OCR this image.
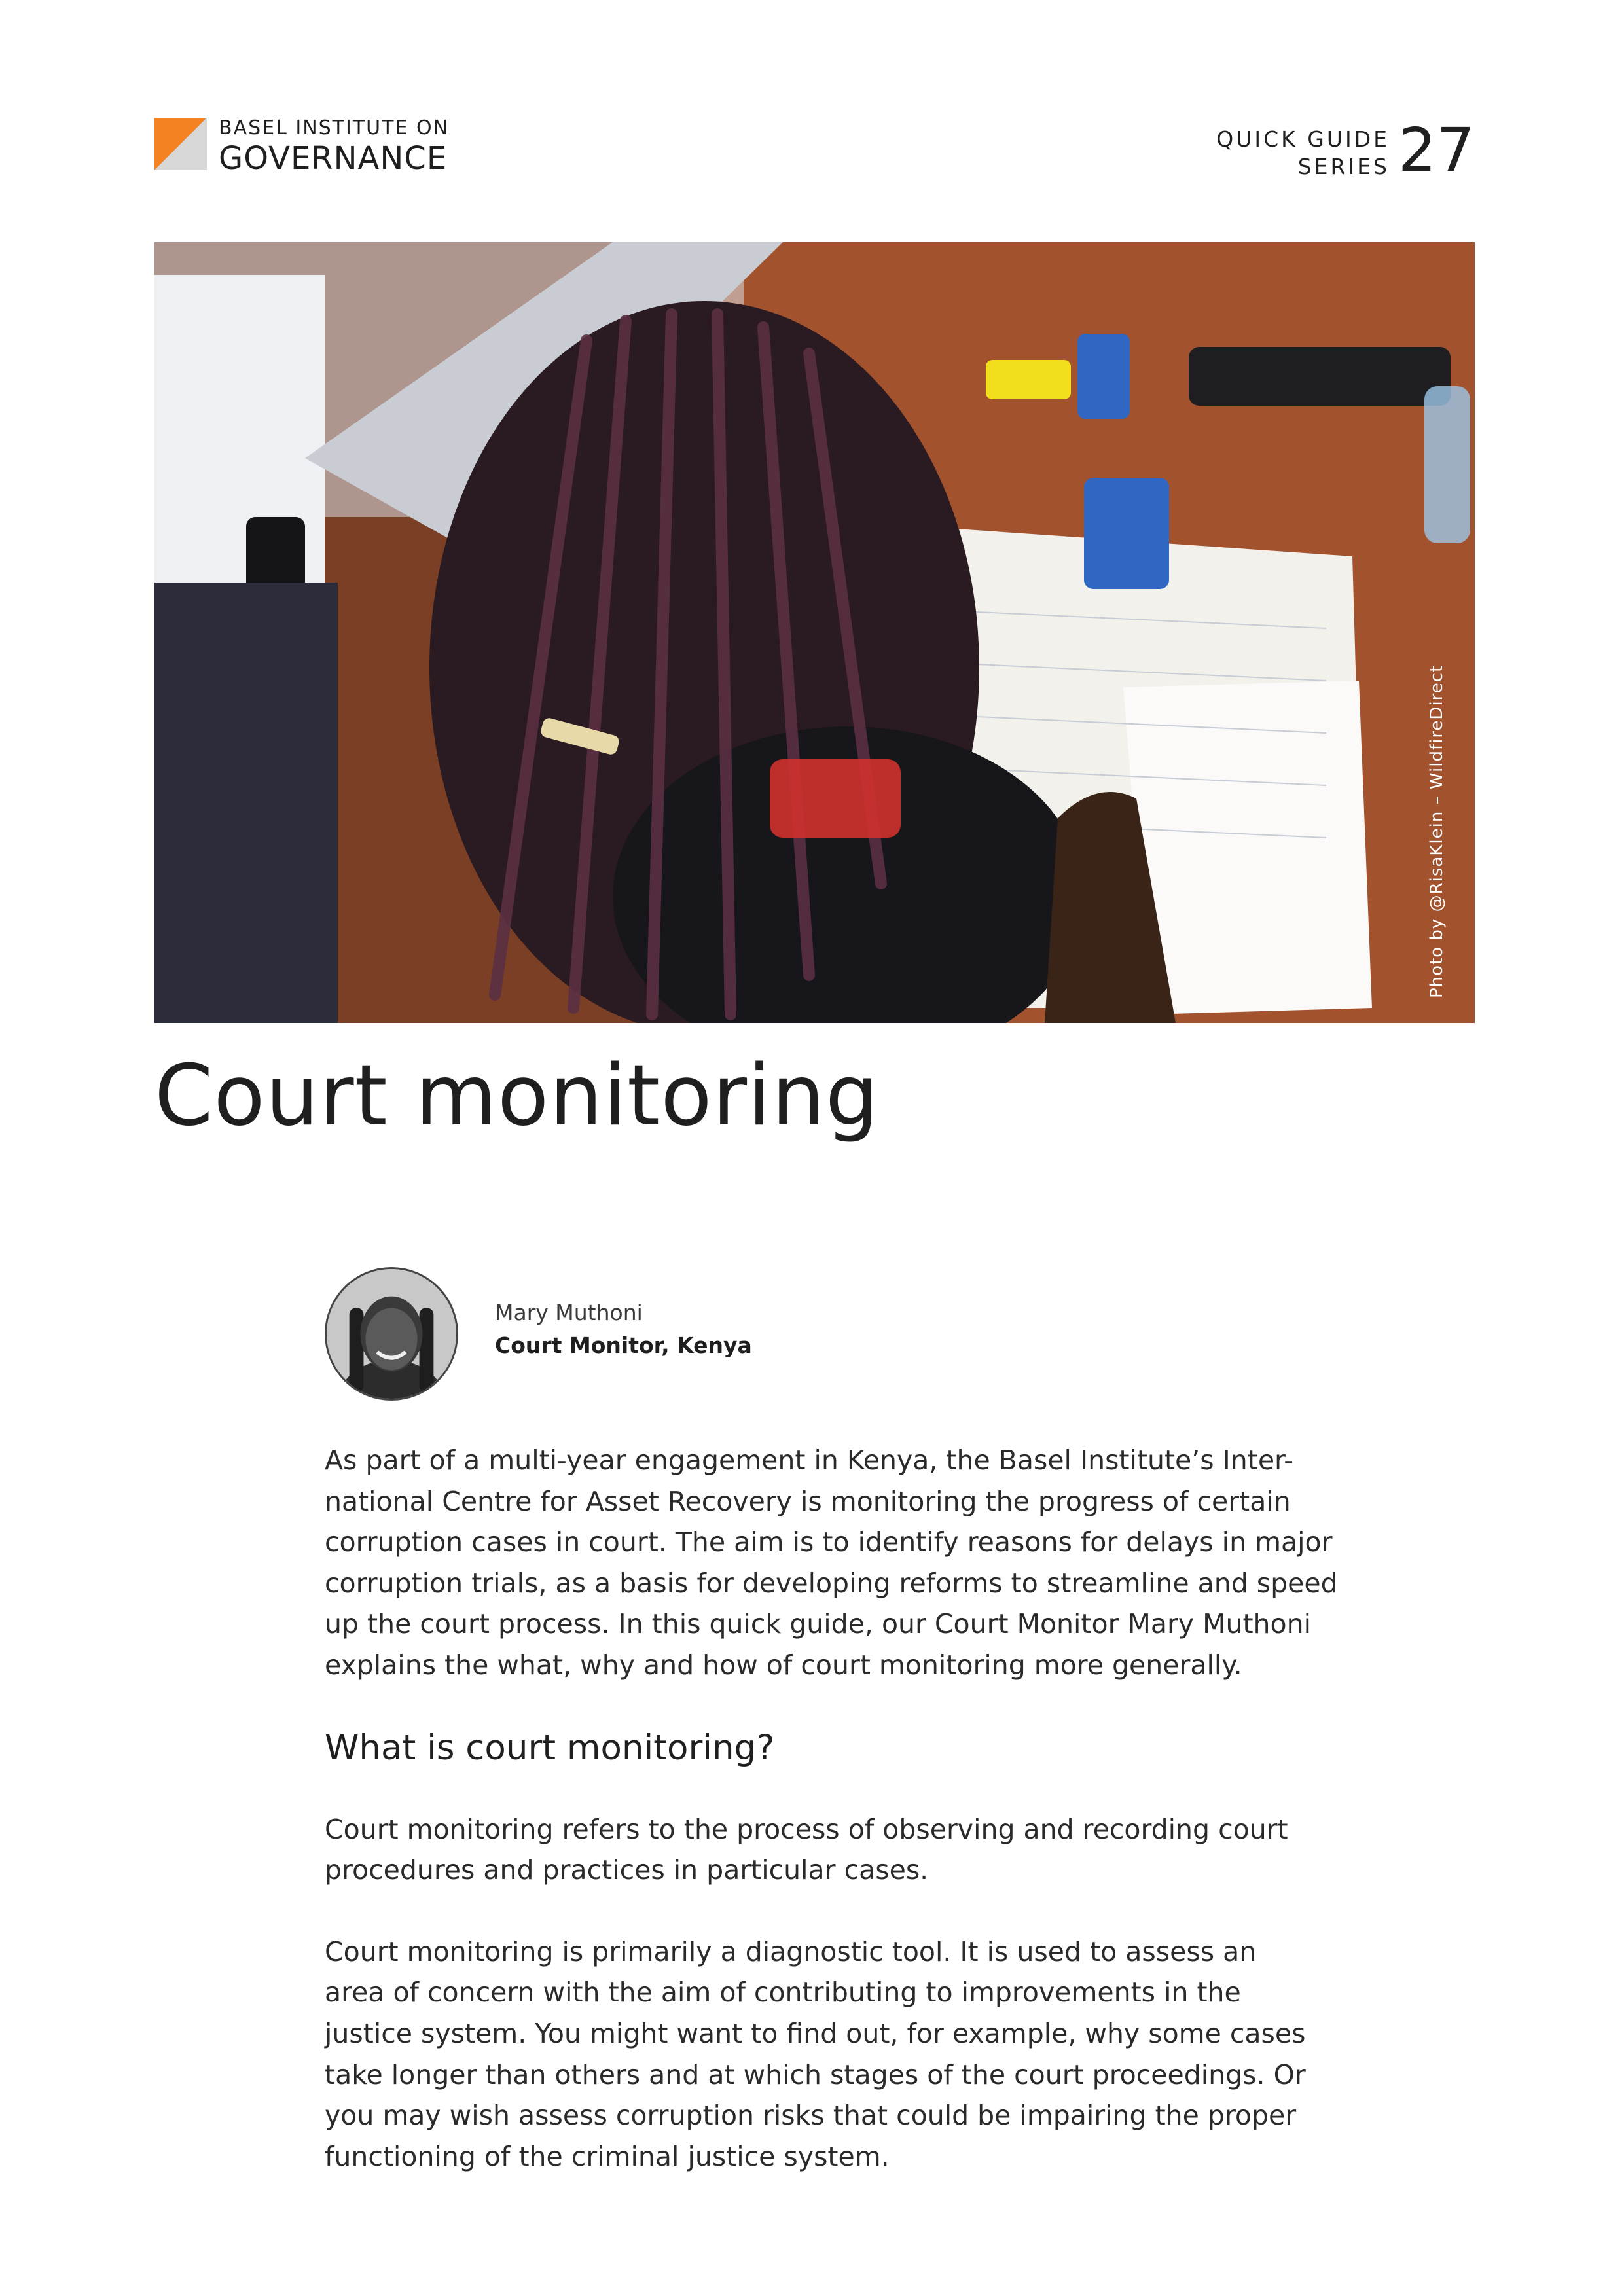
BASEL INSTITUTE ON
GOVERNANCE
QUICK GUIDE
SERIES 27
Photo by @RisaKlein – WildfireDirect
Court monitoring
Mary Muthoni
Court Monitor, Kenya

As part of a multi-year engagement in Kenya, the Basel Institute’s Inter-
national Centre for Asset Recovery is monitoring the progress of certain
corruption cases in court. The aim is to identify reasons for delays in major
corruption trials, as a basis for developing reforms to streamline and speed
up the court process. In this quick guide, our Court Monitor Mary Muthoni
explains the what, why and how of court monitoring more generally.

What is court monitoring?

Court monitoring refers to the process of observing and recording court
procedures and practices in particular cases.

Court monitoring is primarily a diagnostic tool. It is used to assess an
area of concern with the aim of contributing to improvements in the
justice system. You might want to find out, for example, why some cases
take longer than others and at which stages of the court proceedings. Or
you may wish assess corruption risks that could be impairing the proper
functioning of the criminal justice system.
